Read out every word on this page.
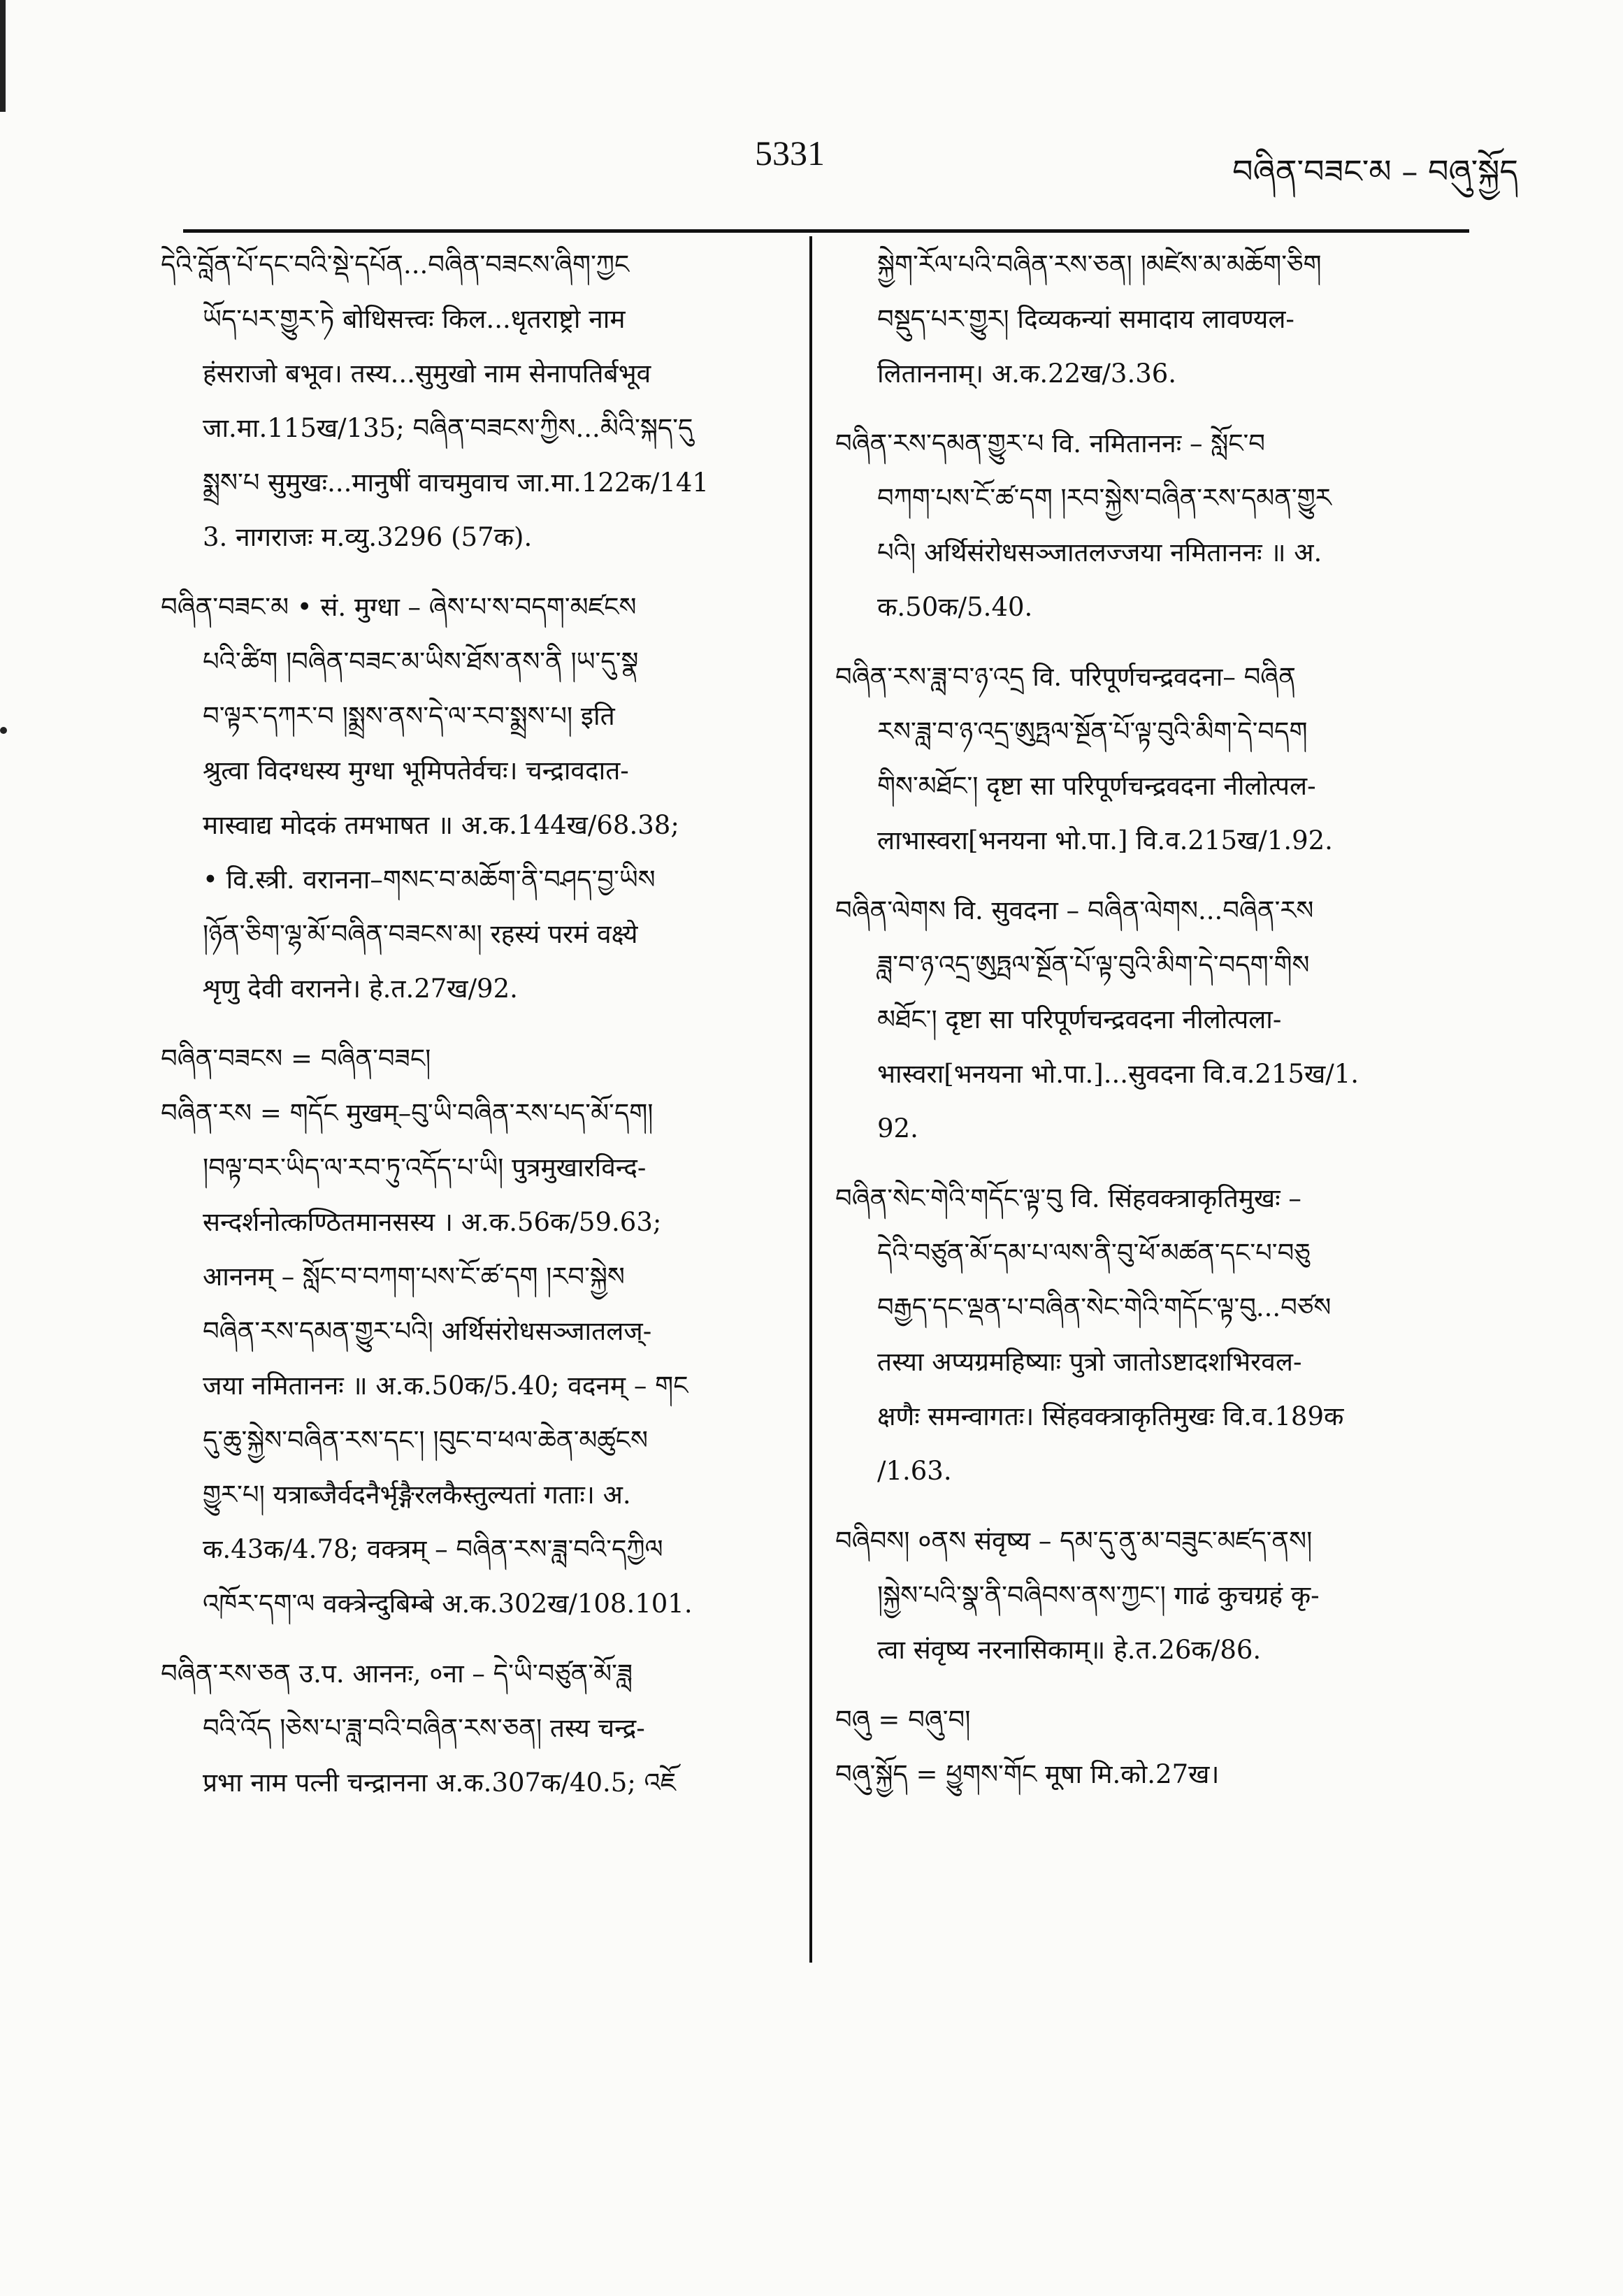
5331	བཞིན་བཟང་མ – བཞུ་སྐྱོད
དེའི་བློན་པོ་དང་བའི་སྡེ་དཔོན...བཞིན་བཟངས་ཞིག་ཀྱང
ཡོད་པར་གྱུར་ཏེ बोधिसत्त्वः किल...धृतराष्ट्रो नाम
हंसराजो बभूव। तस्य...सुमुखो नाम सेनापतिर्बभूव
जा.मा.115ख/135; བཞིན་བཟངས་ཀྱིས...མིའི་སྐད་དུ
སྨྲས་པ सुमुखः...मानुषीं वाचमुवाच जा.मा.122क/141
3. नागराजः म.व्यु.3296 (57क).
བཞིན་བཟང་མ • सं. मुग्धा – ཞེས་པ་ས་བདག་མཛངས
པའི་ཚིག །བཞིན་བཟང་མ་ཡིས་ཐོས་ནས་ནི །ཡ་དུ་སྣ
བ་ལྟར་དཀར་བ །སྨྲས་ནས་དེ་ལ་རབ་སྨྲས་པ། इति
श्रुत्वा विदग्धस्य मुग्धा भूमिपतेर्वचः। चन्द्रावदात-
मास्वाद्य मोदकं तमभाषत ॥ अ.क.144ख/68.38;
• वि.स्त्री. वरानना–གསང་བ་མཆོག་ནི་བཤད་བྱ་ཡིས
།ཉོན་ཅིག་ལྷ་མོ་བཞིན་བཟངས་མ། रहस्यं परमं वक्ष्ये
शृणु देवी वरानने। हे.त.27ख/92.
བཞིན་བཟངས = བཞིན་བཟང།
བཞིན་རས = གདོང मुखम्–བུ་ཡི་བཞིན་རས་པད་མོ་དག།
།བལྟ་བར་ཡིད་ལ་རབ་ཏུ་འདོད་པ་ཡི། पुत्रमुखारविन्द-
सन्दर्शनोत्कण्ठितमानसस्य । अ.क.56क/59.63;
आननम् – སློང་བ་བཀག་པས་ངོ་ཚ་དག །རབ་སྐྱེས
བཞིན་རས་དམན་གྱུར་པའི། अर्थिसंरोधसञ्जातलज्-
जया नमिताननः ॥ अ.क.50क/5.40; वदनम् – གང
དུ་ཆུ་སྐྱེས་བཞིན་རས་དང་། །བུང་བ་ཕལ་ཆེན་མཚུངས
གྱུར་པ། यत्राब्जैर्वदनैर्भृङ्गैरलकैस्तुल्यतां गताः। अ.
क.43क/4.78; वक्त्रम् – བཞིན་རས་ཟླ་བའི་དཀྱིལ
འཁོར་དག་ལ वक्त्रेन्दुबिम्बे अ.क.302ख/108.101.
བཞིན་རས་ཅན उ.प. आननः, ०ना – དེ་ཡི་བཙུན་མོ་ཟླ
བའི་འོད །ཅེས་པ་ཟླ་བའི་བཞིན་རས་ཅན། तस्य चन्द्र-
प्रभा नाम पत्नी चन्द्रानना अ.क.307क/40.5; འཇོ
སྐྱེག་རོལ་པའི་བཞིན་རས་ཅན། །མཛེས་མ་མཆོག་ཅིག
བསྡུད་པར་གྱུར། दिव्यकन्यां समादाय लावण्यल-
लिताननाम्। अ.क.22ख/3.36.
བཞིན་རས་དམན་གྱུར་པ वि. नमिताननः – སློང་བ
བཀག་པས་ངོ་ཚ་དག །རབ་སྐྱེས་བཞིན་རས་དམན་གྱུར
པའི། अर्थिसंरोधसञ्जातलज्जया नमिताननः ॥ अ.
क.50क/5.40.
བཞིན་རས་ཟླ་བ་ཉ་འདྲ वि. परिपूर्णचन्द्रवदना– བཞིན
རས་ཟླ་བ་ཉ་འདྲ་ཨུཏྤལ་སྔོན་པོ་ལྟ་བུའི་མིག་དེ་བདག
གིས་མཐོང་། दृष्टा सा परिपूर्णचन्द्रवदना नीलोत्पल-
लाभास्वरा[भनयना भो.पा.] वि.व.215ख/1.92.
བཞིན་ལེགས वि. सुवदना – བཞིན་ལེགས...བཞིན་རས
ཟླ་བ་ཉ་འདྲ་ཨུཏྤལ་སྔོན་པོ་ལྟ་བུའི་མིག་དེ་བདག་གིས
མཐོང་། दृष्टा सा परिपूर्णचन्द्रवदना नीलोत्पला-
भास्वरा[भनयना भो.पा.]...सुवदना वि.व.215ख/1.
92.
བཞིན་སེང་གེའི་གདོང་ལྟ་བུ वि. सिंहवक्त्राकृतिमुखः –
དེའི་བཙུན་མོ་དམ་པ་ལས་ནི་བུ་ཕོ་མཚན་དང་པ་བཅུ
བརྒྱད་དང་ལྡན་པ་བཞིན་སེང་གེའི་གདོང་ལྟ་བུ...བཙས
तस्या अप्यग्रमहिष्याः पुत्रो जातोऽष्टादशभिरवल-
क्षणैः समन्वागतः। सिंहवक्त्राकृतिमुखः वि.व.189क
/1.63.
བཞིབས། ०ནས संवृष्य – དམ་དུ་ནུ་མ་བཟུང་མཛད་ནས།
།སྐྱེས་པའི་སྣ་ནི་བཞིབས་ནས་ཀྱང་། गाढं कुचग्रहं कृ-
त्वा संवृष्य नरनासिकाम्॥ हे.त.26क/86.
བཞུ = བཞུ་བ།
བཞུ་སྐྱོད = ཕྱུགས་གོང मूषा मि.को.27ख।
